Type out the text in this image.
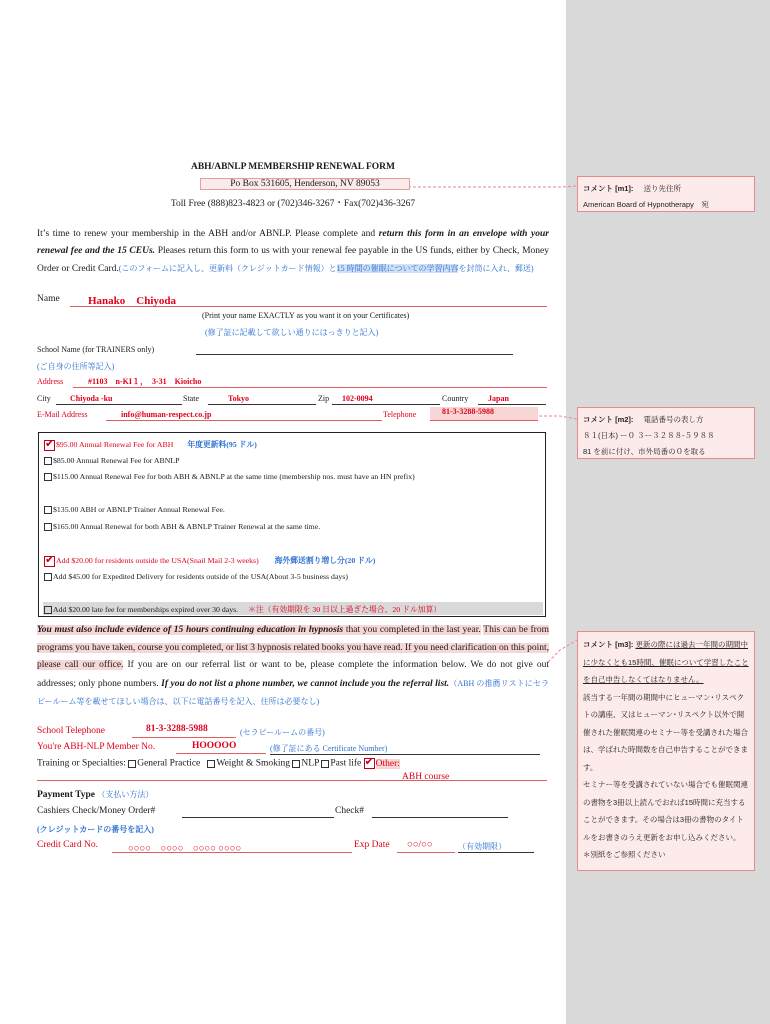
ABH/ABNLP MEMBERSHIP RENEWAL FORM
Po Box 531605, Henderson, NV 89053
Toll Free (888)823-4823 or (702)346-3267・Fax(702)436-3267
It’s time to renew your membership in the ABH and/or ABNLP. Please complete and return this form in an envelope with your renewal fee and the 15 CEUs. Pleases return this form to us with your renewal fee payable in the US funds, either by Check, Money Order or Credit Card.(このフォームに記入し、更新料（クレジットカード情報）と15 時間の催眠についての学習内容を封筒に入れ、郵送)
Name	Hanako　Chiyoda
(Print your name EXACTLY as you want it on your Certificates)
(修了証に記載して欲しい通りにはっきりと記入)
School Name (for TRAINERS only)
(ご自身の住所等記入)
Address	#1103　n-KI１，　3-31　Kioicho
City	Chiyoda -ku	State	Tokyo	Zip	102-0094	Country	Japan
E-Mail Address	info@human-respect.co.jp	Telephone	81-3-3288-5988
✔$95.00 Annual Renewal Fee for ABH 年度更新料(95 ドル)
$85.00 Annual Renewal Fee for ABNLP
$115.00 Annual Renewal Fee for both ABH & ABNLP at the same time (membership nos. must have an HN prefix)
$135.00 ABH or ABNLP Trainer Annual Renewal Fee.
$165.00 Annual Renewal for both ABH & ABNLP Trainer Renewal at the same time.
✔Add $20.00 for residents outside the USA(Snail Mail 2-3 weeks) 海外郵送割り増し分(20 ドル)
Add $45.00 for Expedited Delivery for residents outside of the USA(About 3-5 business days)
Add $20.00 late fee for memberships expired over 30 days. ＊注（有効期限を 30 日以上過ぎた場合、20 ドル加算）
You must also include evidence of 15 hours continuing education in hypnosis that you completed in the last year. This can be from programs you have taken, course you completed, or list 3 hypnosis related books you have read. If you need clarification on this point, please call our office. If you are on our referral list or want to be, please complete the information below. We do not give out addresses; only phone numbers. If you do not list a phone number, we cannot include you the referral list.（ABH の推薦リストにセラピールーム等を載せてほしい場合は、以下に電話番号を記入、住所は必要なし)
School Telephone	81-3-3288-5988	(セラピールームの番号)
You're ABH-NLP Member No.	HOOOOO	(修了証にある Certificate Number)
Training or Specialties: General Practice Weight & Smoking NLP Past life ✔ Other:
ABH course
Payment Type （支払い方法）
Cashiers Check/Money Order#	Check#
(クレジットカードの番号を記入)
Credit Card No.	○○○○　○○○○　○○○○ ○○○○	Exp Date	○○/○○	（有効期限）
コメント [m1]: 送り先住所
American Board of Hypnotherapy　宛
コメント [m2]: 電話番号の表し方
８１(日本) ー０ ３ー３２８８-５９８８
81 を前に付け、市外局番の０を取る
コメント [m3]: 更新の際には過去一年間の期間中に少なくとも15時間、催眠について学習したことを自己申告しなくてはなりません。
該当する一年間の期間中にヒューマン･リスペクトの講座、又はヒューマン･リスペクト以外で開催された催眠関連のセミナー等を受講された場合は、学ばれた時間数を自己申告することができます。
セミナー等を受講されていない場合でも催眠関連の書物を3冊以上読んでおれば15時間に充当することができます。その場合は3冊の書物のタイトルをお書きのうえ更新をお申し込みください。
＊別紙をご参照ください
